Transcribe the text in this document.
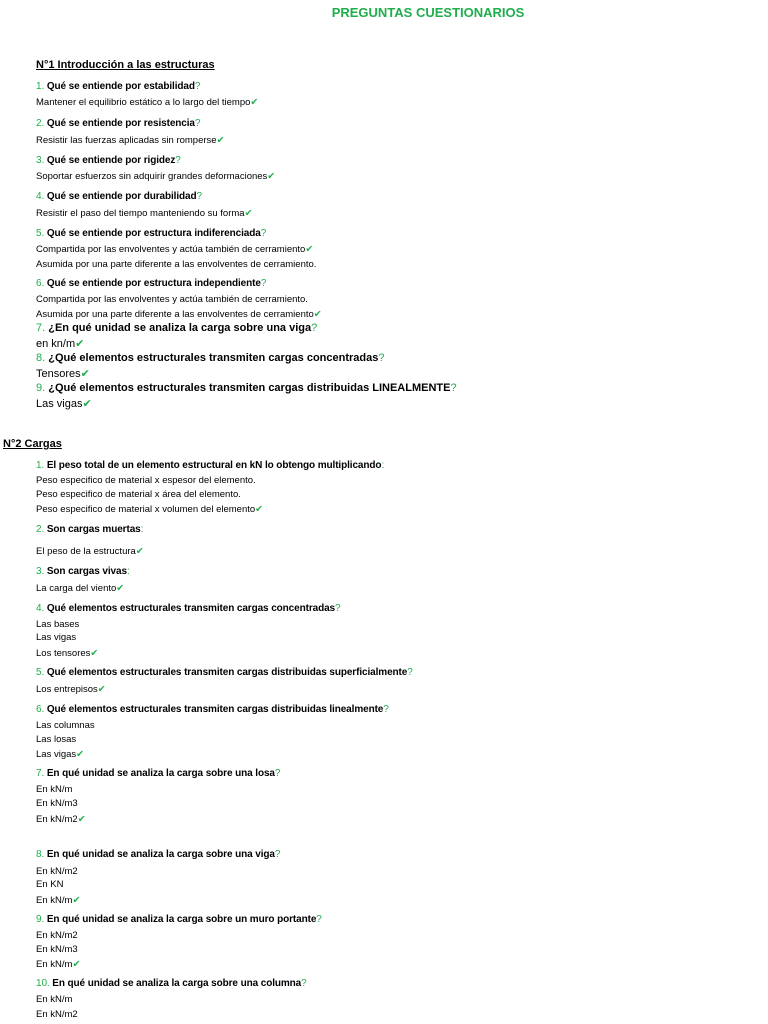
PREGUNTAS CUESTIONARIOS
N°1 Introducción a las estructuras
1. Qué se entiende por estabilidad?
Mantener el equilibrio estático a lo largo del tiempo✔
2. Qué se entiende por resistencia?
Resistir las fuerzas aplicadas sin romperse✔
3. Qué se entiende por rigidez?
Soportar esfuerzos sin adquirir grandes deformaciones✔
4. Qué se entiende por durabilidad?
Resistir el paso del tiempo manteniendo su forma✔
5. Qué se entiende por estructura indiferenciada?
Compartida por las envolventes y actúa también de cerramiento✔
Asumida por una parte diferente a las envolventes de cerramiento.
6. Qué se entiende por estructura independiente?
Compartida por las envolventes y actúa también de cerramiento.
Asumida por una parte diferente a las envolventes de cerramiento✔
7. ¿En qué unidad se analiza la carga sobre una viga?
en kn/m✔
8. ¿Qué elementos estructurales transmiten cargas concentradas?
Tensores✔
9. ¿Qué elementos estructurales transmiten cargas distribuidas LINEALMENTE?
Las vigas✔
N°2 Cargas
1. El peso total de un elemento estructural en kN lo obtengo multiplicando:
Peso especifico de material x espesor del elemento.
Peso especifico de material x área del elemento.
Peso especifico de material x volumen del elemento✔
2. Son cargas muertas:
El peso de la estructura✔
3. Son cargas vivas:
La carga del viento✔
4. Qué elementos estructurales transmiten cargas concentradas?
Las bases
Las vigas
Los tensores✔
5. Qué elementos estructurales transmiten cargas distribuidas superficialmente?
Los entrepisos✔
6. Qué elementos estructurales transmiten cargas distribuidas linealmente?
Las columnas
Las losas
Las vigas✔
7. En qué unidad se analiza la carga sobre una losa?
En kN/m
En kN/m3
En kN/m2✔
8. En qué unidad se analiza la carga sobre una viga?
En kN/m2
En KN
En kN/m✔
9. En qué unidad se analiza la carga sobre un muro portante?
En kN/m2
En kN/m3
En kN/m✔
10. En qué unidad se analiza la carga sobre una columna?
En kN/m
En kN/m2
